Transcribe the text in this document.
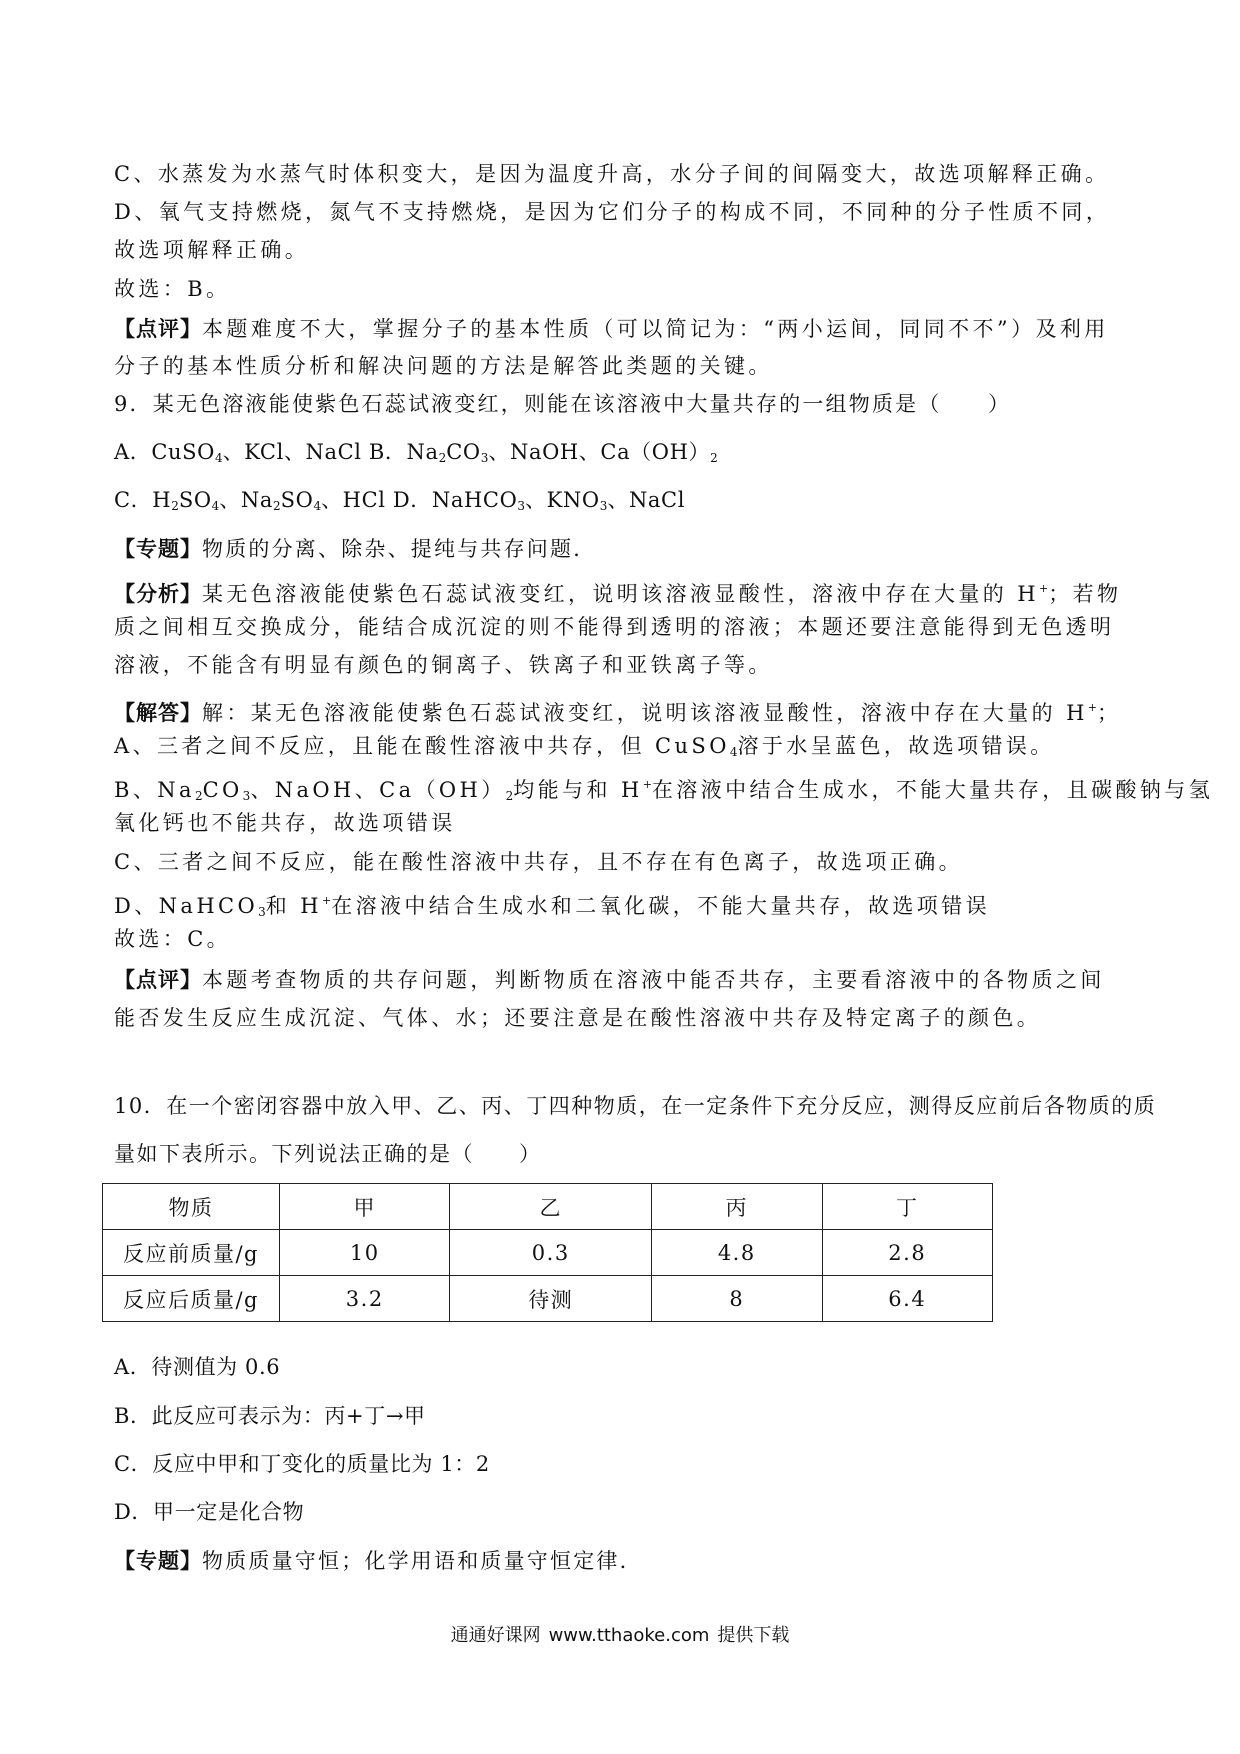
C、水蒸发为水蒸气时体积变大，是因为温度升高，水分子间的间隔变大，故选项解释正确。
D、氧气支持燃烧，氮气不支持燃烧，是因为它们分子的构成不同，不同种的分子性质不同，
故选项解释正确。
故选：B。
【点评】本题难度不大，掌握分子的基本性质（可以简记为：“两小运间，同同不不”）及利用
分子的基本性质分析和解决问题的方法是解答此类题的关键。
9．某无色溶液能使紫色石蕊试液变红，则能在该溶液中大量共存的一组物质是（　　）
A．CuSO$_4$、KCl、NaCl B．$Na_2CO_3$、NaOH、$Ca(OH)_2$
C．$H_2SO_4$、$Na_2SO_4$、HCl D．NaHCO$_3$、$KNO_3$、NaCl
【专题】物质的分离、除杂、提纯与共存问题．
【分析】某无色溶液能使紫色石蕊试液变红，说明该溶液显酸性，溶液中存在大量的 H+；若物
质之间相互交换成分，能结合成沉淀的则不能得到透明的溶液；本题还要注意能得到无色透明
溶液，不能含有明显有颜色的铜离子、铁离子和亚铁离子等。
【解答】解：某无色溶液能使紫色石蕊试液变红，说明该溶液显酸性，溶液中存在大量的 H+；
A、三者之间不反应，且能在酸性溶液中共存，但 CuSO$_4$溶于水呈蓝色，故选项错误。
B、$Na_2CO_3$、NaOH、$Ca(OH)_2$均能与和 H+在溶液中结合生成水，不能大量共存，且碳酸钠与氢
氧化钙也不能共存，故选项错误
C、三者之间不反应，能在酸性溶液中共存，且不存在有色离子，故选项正确。
D、NaHCO$_3$和 H+在溶液中结合生成水和二氧化碳，不能大量共存，故选项错误
故选：C。
【点评】本题考查物质的共存问题，判断物质在溶液中能否共存，主要看溶液中的各物质之间
能否发生反应生成沉淀、气体、水；还要注意是在酸性溶液中共存及特定离子的颜色。
10．在一个密闭容器中放入甲、乙、丙、丁四种物质，在一定条件下充分反应，测得反应前后各物质的质
量如下表所示。下列说法正确的是（　　）
物质	甲	乙	丙	丁
反应前质量/g	10	0.3	4.8	2.8
反应后质量/g	3.2	待测	8	6.4
A．待测值为 0.6
B．此反应可表示为：丙+丁→甲
C．反应中甲和丁变化的质量比为 1：2
D．甲一定是化合物
【专题】物质质量守恒；化学用语和质量守恒定律．
通通好课网 www.tthaoke.com 提供下载
